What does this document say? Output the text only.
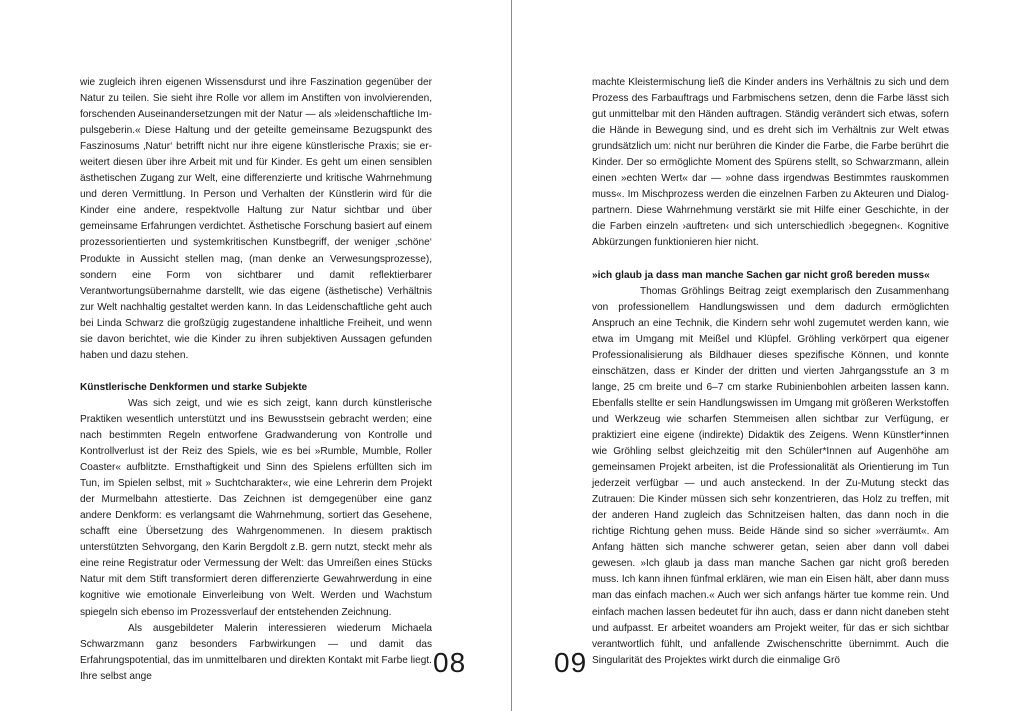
wie zugleich ihren eigenen Wissensdurst und ihre Faszination gegenüber der Natur zu teilen. Sie sieht ihre Rolle vor allem im Anstiften von involvierenden, forschenden Auseinandersetzungen mit der Natur — als »leidenschaftliche Impulsgeberin.« Diese Haltung und der geteilte gemeinsame Bezugspunkt des Faszinosums ‚Natur‘ betrifft nicht nur ihre eigene künstlerische Praxis; sie erweitert diesen über ihre Arbeit mit und für Kinder. Es geht um einen sensiblen ästhetischen Zugang zur Welt, eine differenzierte und kritische Wahrnehmung und deren Vermittlung. In Person und Verhalten der Künstlerin wird für die Kinder eine andere, respektvolle Haltung zur Natur sichtbar und über gemeinsame Erfahrungen verdichtet. Ästhetische Forschung basiert auf einem prozessorientierten und systemkritischen Kunstbegriff, der weniger ‚schöne‘ Produkte in Aussicht stellen mag, (man denke an Verwesungsprozesse), sondern eine Form von sichtbarer und damit reflektierbarer Verantwortungsübernahme darstellt, wie das eigene (ästhetische) Verhältnis zur Welt nachhaltig gestaltet werden kann. In das Leidenschaftliche geht auch bei Linda Schwarz die großzügig zugestandene inhaltliche Freiheit, und wenn sie davon berichtet, wie die Kinder zu ihren subjektiven Aussagen gefunden haben und dazu stehen.

Künstlerische Denkformen und starke Subjekte

Was sich zeigt, und wie es sich zeigt, kann durch künstlerische Praktiken wesentlich unterstützt und ins Bewusstsein gebracht werden; eine nach bestimmten Regeln entworfene Gradwanderung von Kontrolle und Kontrollverlust ist der Reiz des Spiels, wie es bei »Rumble, Mumble, Roller Coaster« aufblitzte. Ernsthaftigkeit und Sinn des Spielens erfüllten sich im Tun, im Spielen selbst, mit » Suchtcharakter«, wie eine Lehrerin dem Projekt der Murmelbahn attestierte. Das Zeichnen ist demgegenüber eine ganz andere Denkform: es verlangsamt die Wahrnehmung, sortiert das Gesehene, schafft eine Übersetzung des Wahrgenommenen. In diesem praktisch unterstützten Sehvorgang, den Karin Bergdolt z.B. gern nutzt, steckt mehr als eine reine Registratur oder Vermessung der Welt: das Umreißen eines Stücks Natur mit dem Stift transformiert deren differenzierte Gewahrwerdung in eine kognitive wie emotionale Einverleibung von Welt. Werden und Wachstum spiegeln sich ebenso im Prozessverlauf der entstehenden Zeichnung.

Als ausgebildeter Malerin interessieren wiederum Michaela Schwarzmann ganz besonders Farbwirkungen — und damit das Erfahrungspotential, das im unmittelbaren und direkten Kontakt mit Farbe liegt. Ihre selbst ange	08

machte Kleistermischung ließ die Kinder anders ins Verhältnis zu sich und dem Prozess des Farbauftrags und Farbmischens setzen, denn die Farbe lässt sich gut unmittelbar mit den Händen auftragen. Ständig verändert sich etwas, sofern die Hände in Bewegung sind, und es dreht sich im Verhältnis zur Welt etwas grundsätzlich um: nicht nur berühren die Kinder die Farbe, die Farbe berührt die Kinder. Der so ermöglichte Moment des Spürens stellt, so Schwarzmann, allein einen »echten Wert« dar — »ohne dass irgendwas Bestimmtes rauskommen muss«. Im Mischprozess werden die einzelnen Farben zu Akteuren und Dialogpartnern. Diese Wahrnehmung verstärkt sie mit Hilfe einer Geschichte, in der die Farben einzeln ›auftreten‹ und sich unterschiedlich ›begegnen‹. Kognitive Abkürzungen funktionieren hier nicht.

»ich glaub ja dass man manche Sachen gar nicht groß bereden muss«

Thomas Gröhlings Beitrag zeigt exemplarisch den Zusammenhang von professionellem Handlungswissen und dem dadurch ermöglichten Anspruch an eine Technik, die Kindern sehr wohl zugemutet werden kann, wie etwa im Umgang mit Meißel und Klüpfel. Gröhling verkörpert qua eigener Professionalisierung als Bildhauer dieses spezifische Können, und konnte einschätzen, dass er Kinder der dritten und vierten Jahrgangsstufe an 3 m lange, 25 cm breite und 6–7 cm starke Rubinienbohlen arbeiten lassen kann. Ebenfalls stellte er sein Handlungswissen im Umgang mit größeren Werkstoffen und Werkzeug wie scharfen Stemmeisen allen sichtbar zur Verfügung, er praktiziert eine eigene (indirekte) Didaktik des Zeigens. Wenn Künstler*innen wie Gröhling selbst gleichzeitig mit den Schüler*Innen auf Augenhöhe am gemeinsamen Projekt arbeiten, ist die Professionalität als Orientierung im Tun jederzeit verfügbar — und auch ansteckend. In der Zu-Mutung steckt das Zutrauen: Die Kinder müssen sich sehr konzentrieren, das Holz zu treffen, mit der anderen Hand zugleich das Schnitzeisen halten, das dann noch in die richtige Richtung gehen muss. Beide Hände sind so sicher »verräumt«. Am Anfang hätten sich manche schwerer getan, seien aber dann voll dabei gewesen. »Ich glaub ja dass man manche Sachen gar nicht groß bereden muss. Ich kann ihnen fünfmal erklären, wie man ein Eisen hält, aber dann muss man das einfach machen.« Auch wer sich anfangs härter tue komme rein. Und einfach machen lassen bedeutet für ihn auch, dass er dann nicht daneben steht und aufpasst. Er arbeitet woanders am Projekt weiter, für das er sich sichtbar verantwortlich fühlt, und anfallende Zwischenschritte übernimmt. Auch die Singularität des Projektes wirkt durch die einmalige Grö

09
